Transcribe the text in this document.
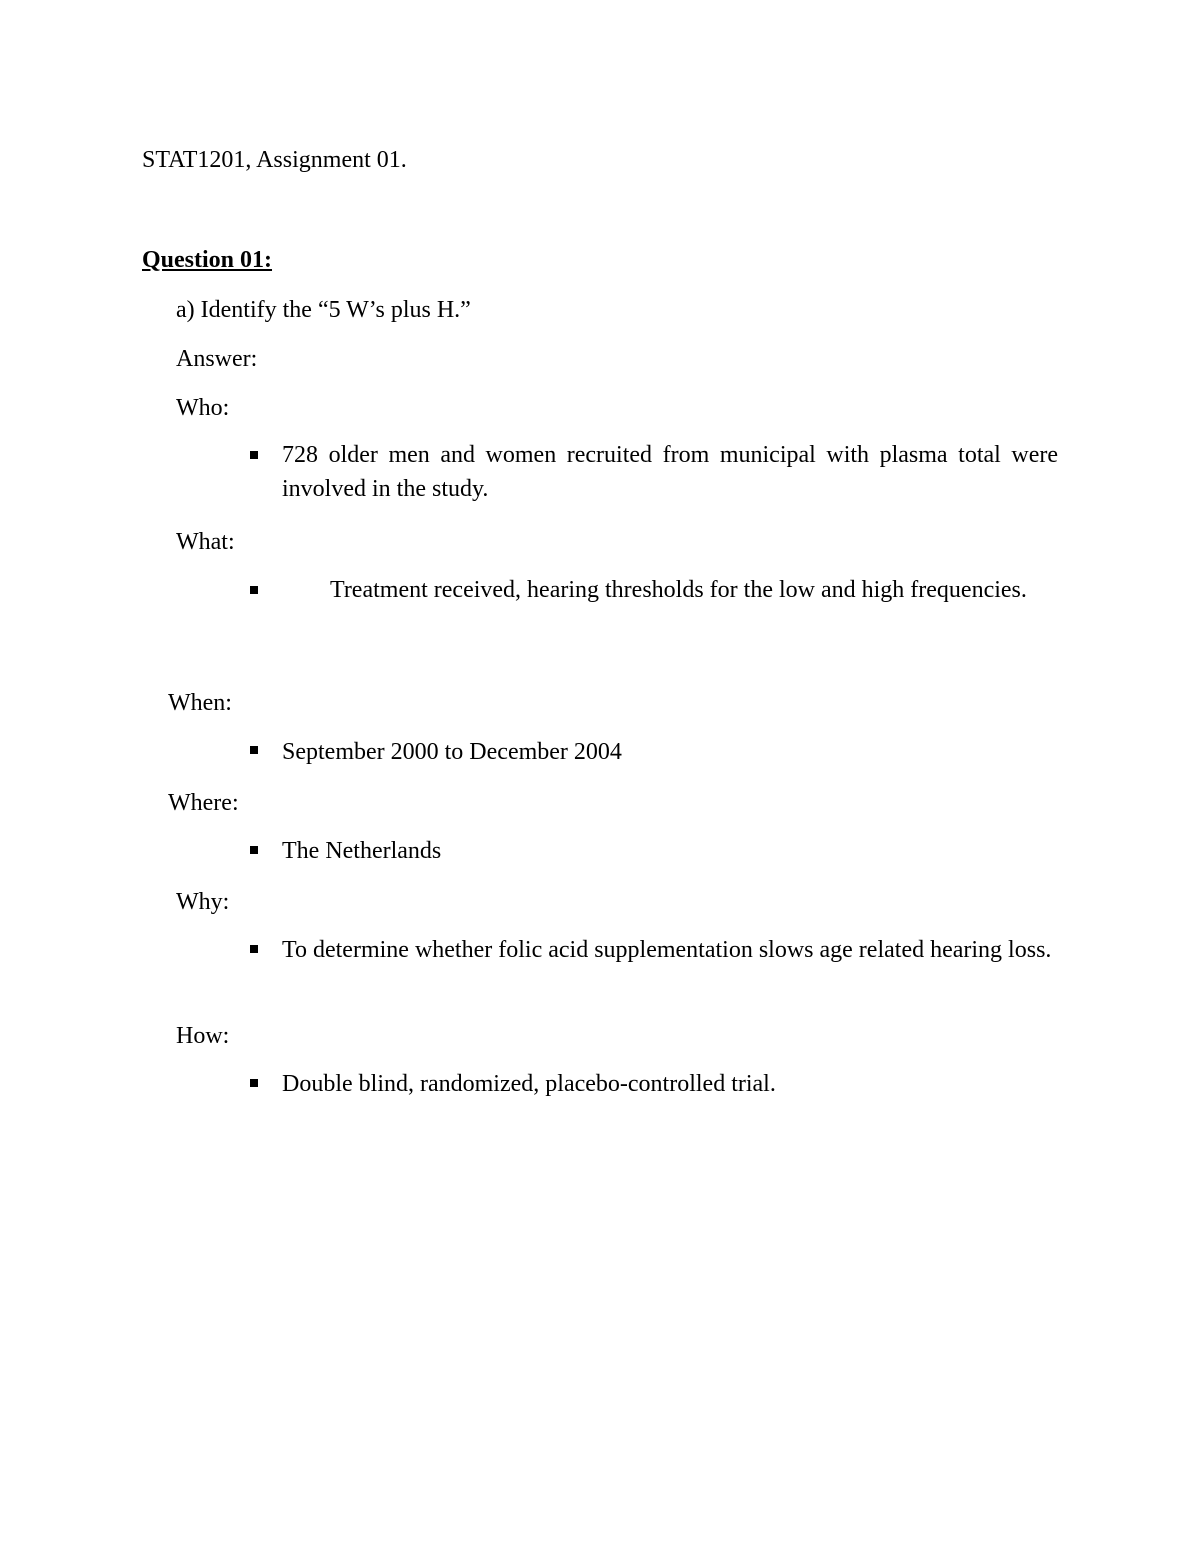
STAT1201, Assignment 01.
Question 01:
a) Identify the “5 W’s plus H.”
Answer:
Who:
728 older men and women recruited from municipal with plasma total were involved in the study.
What:
Treatment received, hearing thresholds for the low and high frequencies.
When:
September 2000 to December 2004
Where:
The Netherlands
Why:
To determine whether folic acid supplementation slows age related hearing loss.
How:
Double blind, randomized, placebo-controlled trial.
